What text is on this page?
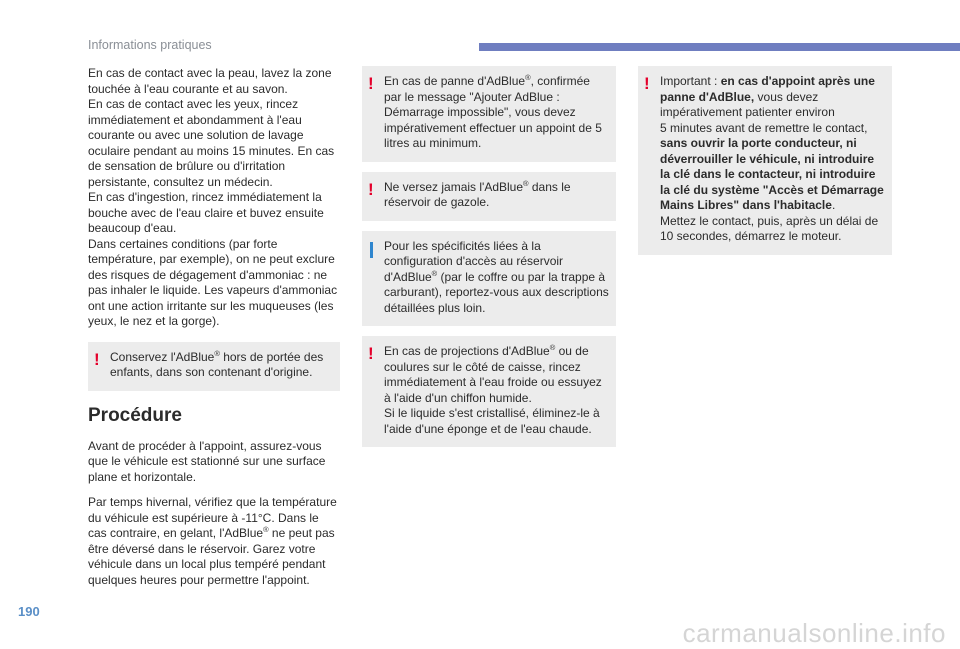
Informations pratiques

En cas de contact avec la peau, lavez la zone touchée à l'eau courante et au savon.

En cas de contact avec les yeux, rincez immédiatement et abondamment à l'eau courante ou avec une solution de lavage oculaire pendant au moins 15 minutes. En cas de sensation de brûlure ou d'irritation persistante, consultez un médecin.

En cas d'ingestion, rincez immédiatement la bouche avec de l'eau claire et buvez ensuite beaucoup d'eau.

Dans certaines conditions (par forte température, par exemple), on ne peut exclure des risques de dégagement d'ammoniac : ne pas inhaler le liquide. Les vapeurs d'ammoniac ont une action irritante sur les muqueuses (les yeux, le nez et la gorge).

! Conservez l'AdBlue® hors de portée des enfants, dans son contenant d'origine.

Procédure

Avant de procéder à l'appoint, assurez-vous que le véhicule est stationné sur une surface plane et horizontale.

Par temps hivernal, vérifiez que la température du véhicule est supérieure à -11°C. Dans le cas contraire, en gelant, l'AdBlue® ne peut pas être déversé dans le réservoir. Garez votre véhicule dans un local plus tempéré pendant quelques heures pour permettre l'appoint.

! En cas de panne d'AdBlue®, confirmée par le message "Ajouter AdBlue : Démarrage impossible", vous devez impérativement effectuer un appoint de 5 litres au minimum.

! Ne versez jamais l'AdBlue® dans le réservoir de gazole.

Pour les spécificités liées à la configuration d'accès au réservoir d'AdBlue® (par le coffre ou par la trappe à carburant), reportez-vous aux descriptions détaillées plus loin.

! En cas de projections d'AdBlue® ou de coulures sur le côté de caisse, rincez immédiatement à l'eau froide ou essuyez à l'aide d'un chiffon humide.

Si le liquide s'est cristallisé, éliminez-le à l'aide d'une éponge et de l'eau chaude.

! Important : en cas d'appoint après une panne d'AdBlue, vous devez impérativement patienter environ

5 minutes avant de remettre le contact, sans ouvrir la porte conducteur, ni déverrouiller le véhicule, ni introduire la clé dans le contacteur, ni introduire la clé du système "Accès et Démarrage Mains Libres" dans l'habitacle.

Mettez le contact, puis, après un délai de 10 secondes, démarrez le moteur.

190
carmanualsonline.info
